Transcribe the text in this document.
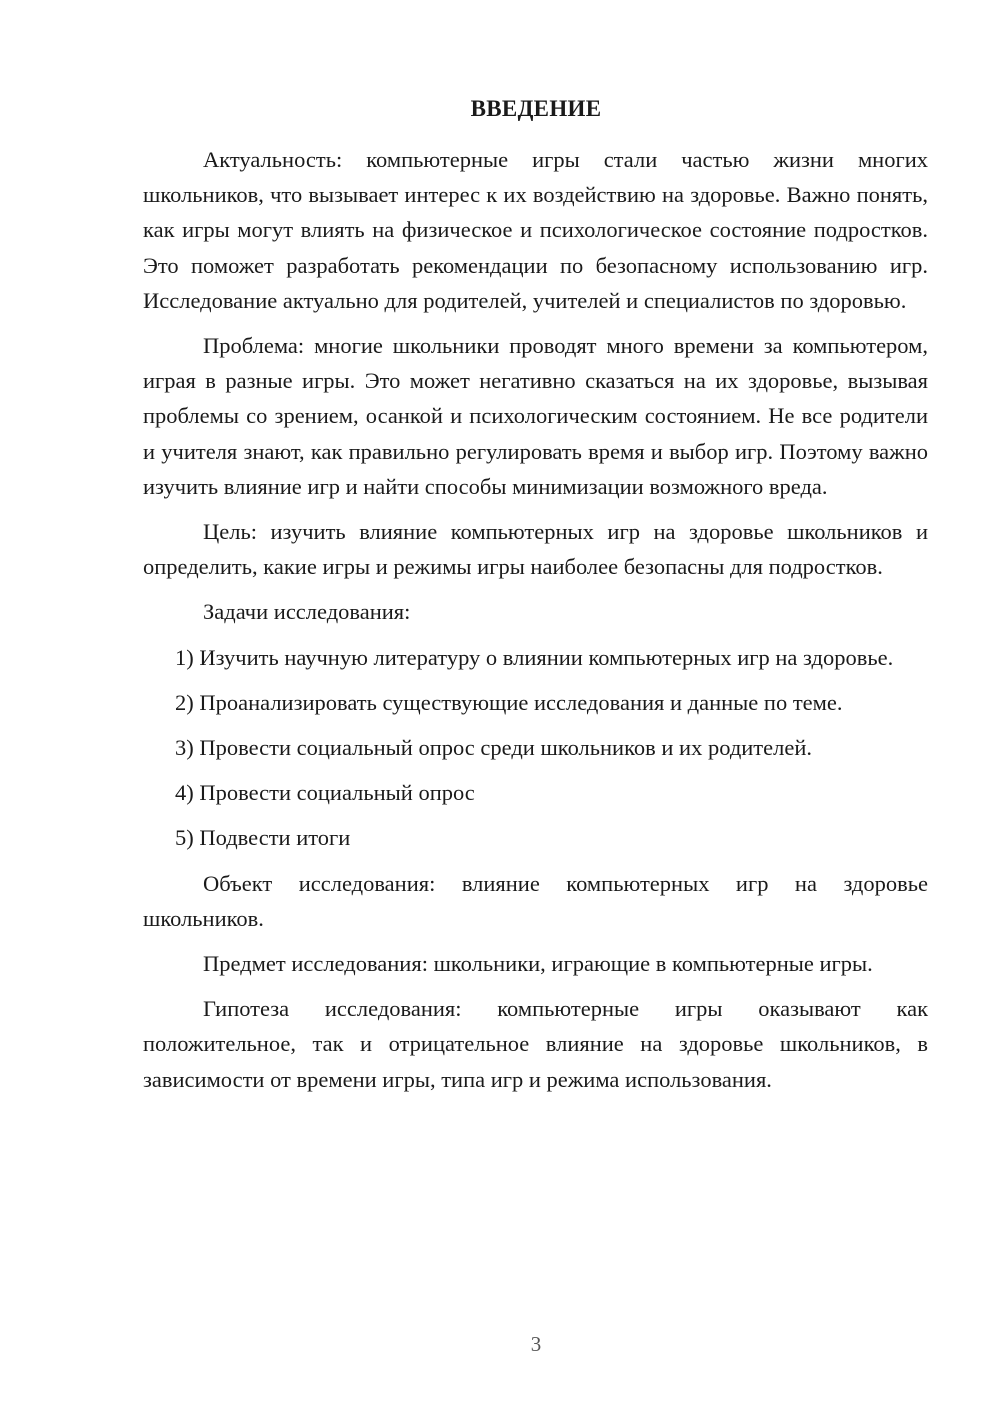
ВВЕДЕНИЕ

Актуальность: компьютерные игры стали частью жизни многих школьников, что вызывает интерес к их воздействию на здоровье. Важно понять, как игры могут влиять на физическое и психологическое состояние подростков. Это поможет разработать рекомендации по безопасному использованию игр. Исследование актуально для родителей, учителей и специалистов по здоровью.

Проблема: многие школьники проводят много времени за компьютером, играя в разные игры. Это может негативно сказаться на их здоровье, вызывая проблемы со зрением, осанкой и психологическим состоянием. Не все родители и учителя знают, как правильно регулировать время и выбор игр. Поэтому важно изучить влияние игр и найти способы минимизации возможного вреда.

Цель: изучить влияние компьютерных игр на здоровье школьников и определить, какие игры и режимы игры наиболее безопасны для подростков.

Задачи исследования:

1) Изучить научную литературу о влиянии компьютерных игр на здоровье.

2) Проанализировать существующие исследования и данные по теме.

3) Провести социальный опрос среди школьников и их родителей.

4) Провести социальный опрос

5) Подвести итоги

Объект исследования: влияние компьютерных игр на здоровье школьников.

Предмет исследования: школьники, играющие в компьютерные игры.

Гипотеза исследования: компьютерные игры оказывают как положительное, так и отрицательное влияние на здоровье школьников, в зависимости от времени игры, типа игр и режима использования.

3
